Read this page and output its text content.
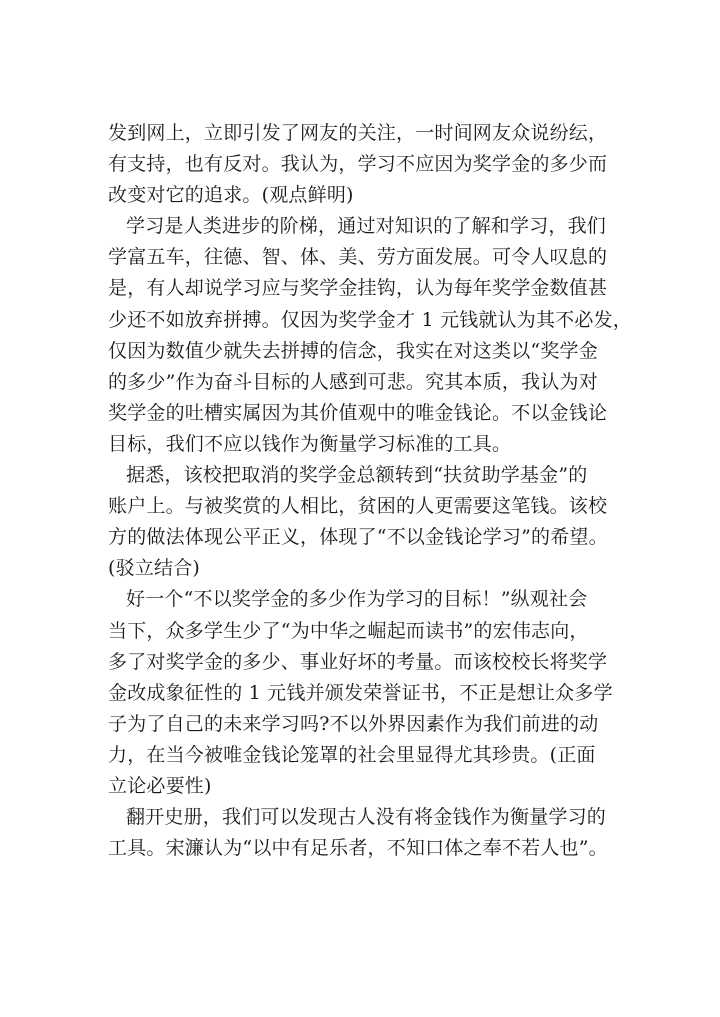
发到网上，立即引发了网友的关注，一时间网友众说纷纭，
有支持，也有反对。我认为，学习不应因为奖学金的多少而
改变对它的追求。(观点鲜明)
学习是人类进步的阶梯，通过对知识的了解和学习，我们
学富五车，往德、智、体、美、劳方面发展。可令人叹息的
是，有人却说学习应与奖学金挂钩，认为每年奖学金数值甚
少还不如放弃拼搏。仅因为奖学金才 1 元钱就认为其不必发，
仅因为数值少就失去拼搏的信念，我实在对这类以“奖学金
的多少”作为奋斗目标的人感到可悲。究其本质，我认为对
奖学金的吐槽实属因为其价值观中的唯金钱论。不以金钱论
目标，我们不应以钱作为衡量学习标准的工具。
据悉，该校把取消的奖学金总额转到“扶贫助学基金”的
账户上。与被奖赏的人相比，贫困的人更需要这笔钱。该校
方的做法体现公平正义，体现了“不以金钱论学习”的希望。
(驳立结合)
好一个“不以奖学金的多少作为学习的目标！”纵观社会
当下，众多学生少了“为中华之崛起而读书”的宏伟志向，
多了对奖学金的多少、事业好坏的考量。而该校校长将奖学
金改成象征性的 1 元钱并颁发荣誉证书，不正是想让众多学
子为了自己的未来学习吗?不以外界因素作为我们前进的动
力，在当今被唯金钱论笼罩的社会里显得尤其珍贵。(正面
立论必要性)
翻开史册，我们可以发现古人没有将金钱作为衡量学习的
工具。宋濂认为“以中有足乐者，不知口体之奉不若人也”。
